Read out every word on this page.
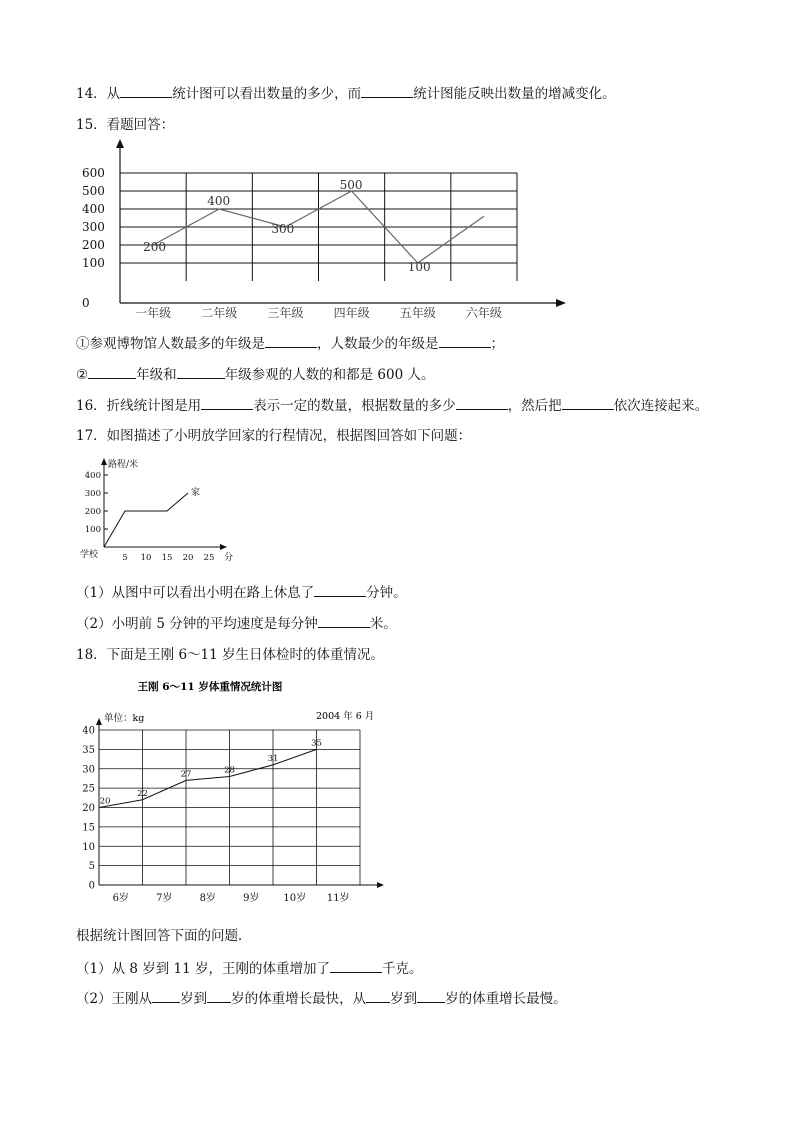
14．从	统计图可以看出数量的多少，而	统计图能反映出数量的增减变化。
15．看题回答：
0
100
200
300
400
500
600
一年级	二年级	三年级	四年级	五年级	六年级
200
400
300
500
100
①参观博物馆人数最多的年级是	，人数最少的年级是	；
②	年级和	年级参观的人数的和都是 600 人。
16．折线统计图是用	表示一定的数量，根据数量的多少	，然后把	依次连接起来。
17．如图描述了小明放学回家的行程情况，根据图回答如下问题：
100
200
300
400
5 10 15 20 25
路程/米
分
学校
家
（1）从图中可以看出小明在路上休息了	分钟。
（2）小明前 5 分钟的平均速度是每分钟	米。
18．下面是王刚 6～11 岁生日体检时的体重情况。
王刚 6～11 岁体重情况统计图
单位：kg	2004 年 6 月
0
5
10
15
20
25
30
35
40
6岁	7岁	8岁	9岁 10岁 11岁
20
22
27	28
31
35
根据统计图回答下面的问题．
（1）从 8 岁到 11 岁，王刚的体重增加了	千克。
（2）王刚从 岁到 岁的体重增长最快，从 岁到 岁的体重增长最慢。
